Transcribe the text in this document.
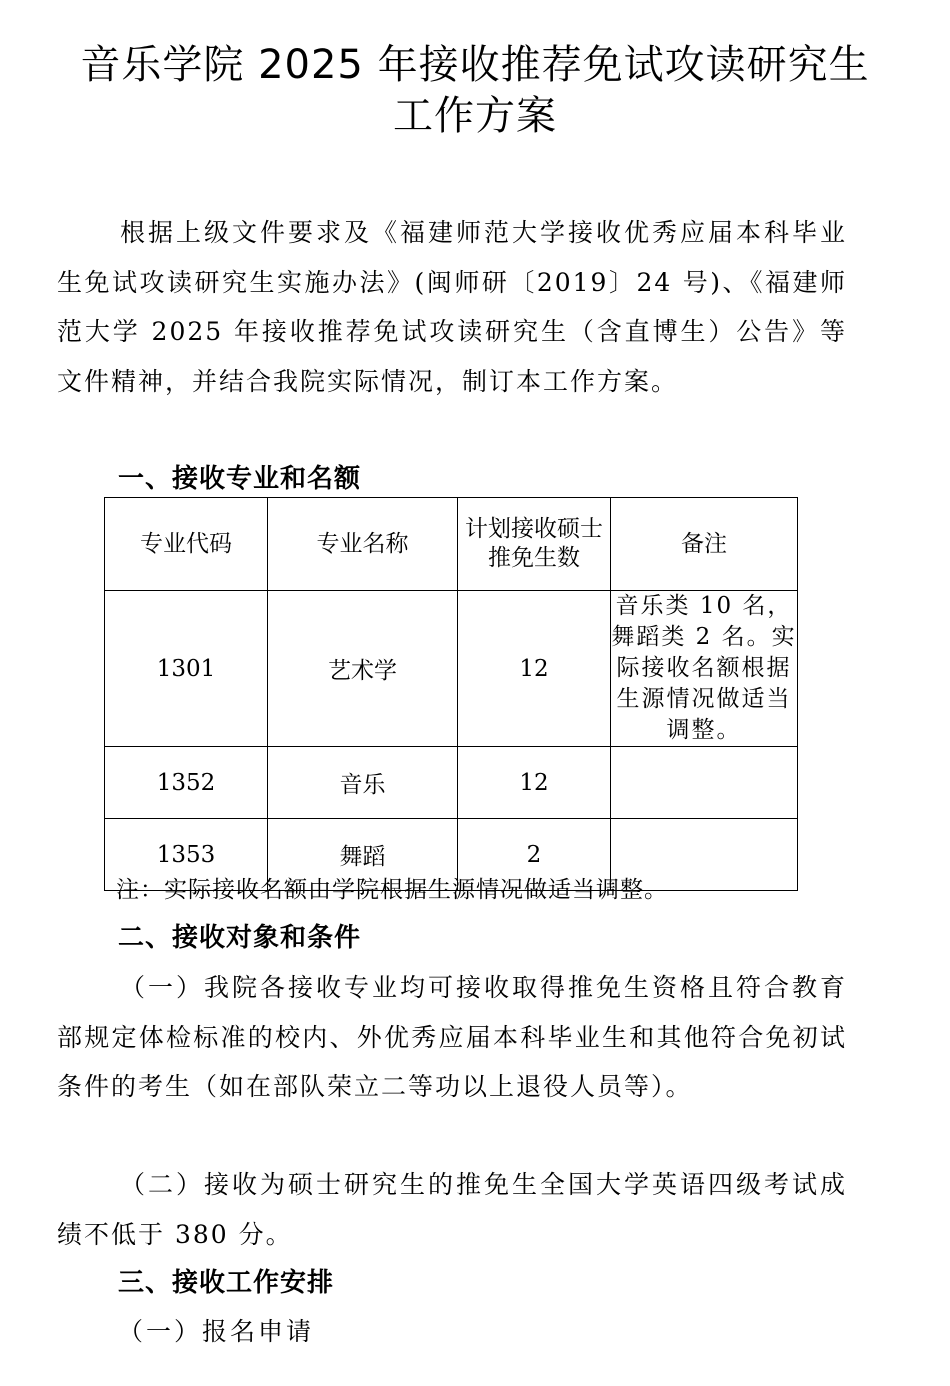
音乐学院 2025 年接收推荐免试攻读研究生
工作方案

根据上级文件要求及《福建师范大学接收优秀应届本科毕业生免试攻读研究生实施办法》(闽师研〔2019〕24 号)、《福建师范大学 2025 年接收推荐免试攻读研究生（含直博生）公告》等文件精神，并结合我院实际情况，制订本工作方案。

一、接收专业和名额
专业代码	专业名称	计划接收硕士推免生数	备注
1301	艺术学	12	音乐类 10 名，舞蹈类 2 名。实际接收名额根据生源情况做适当调整。
1352	音乐	12	
1353	舞蹈	2	
注：实际接收名额由学院根据生源情况做适当调整。
二、接收对象和条件

（一）我院各接收专业均可接收取得推免生资格且符合教育部规定体检标准的校内、外优秀应届本科毕业生和其他符合免初试条件的考生（如在部队荣立二等功以上退役人员等）。

（二）接收为硕士研究生的推免生全国大学英语四级考试成绩不低于 380 分。

三、接收工作安排
（一）报名申请
